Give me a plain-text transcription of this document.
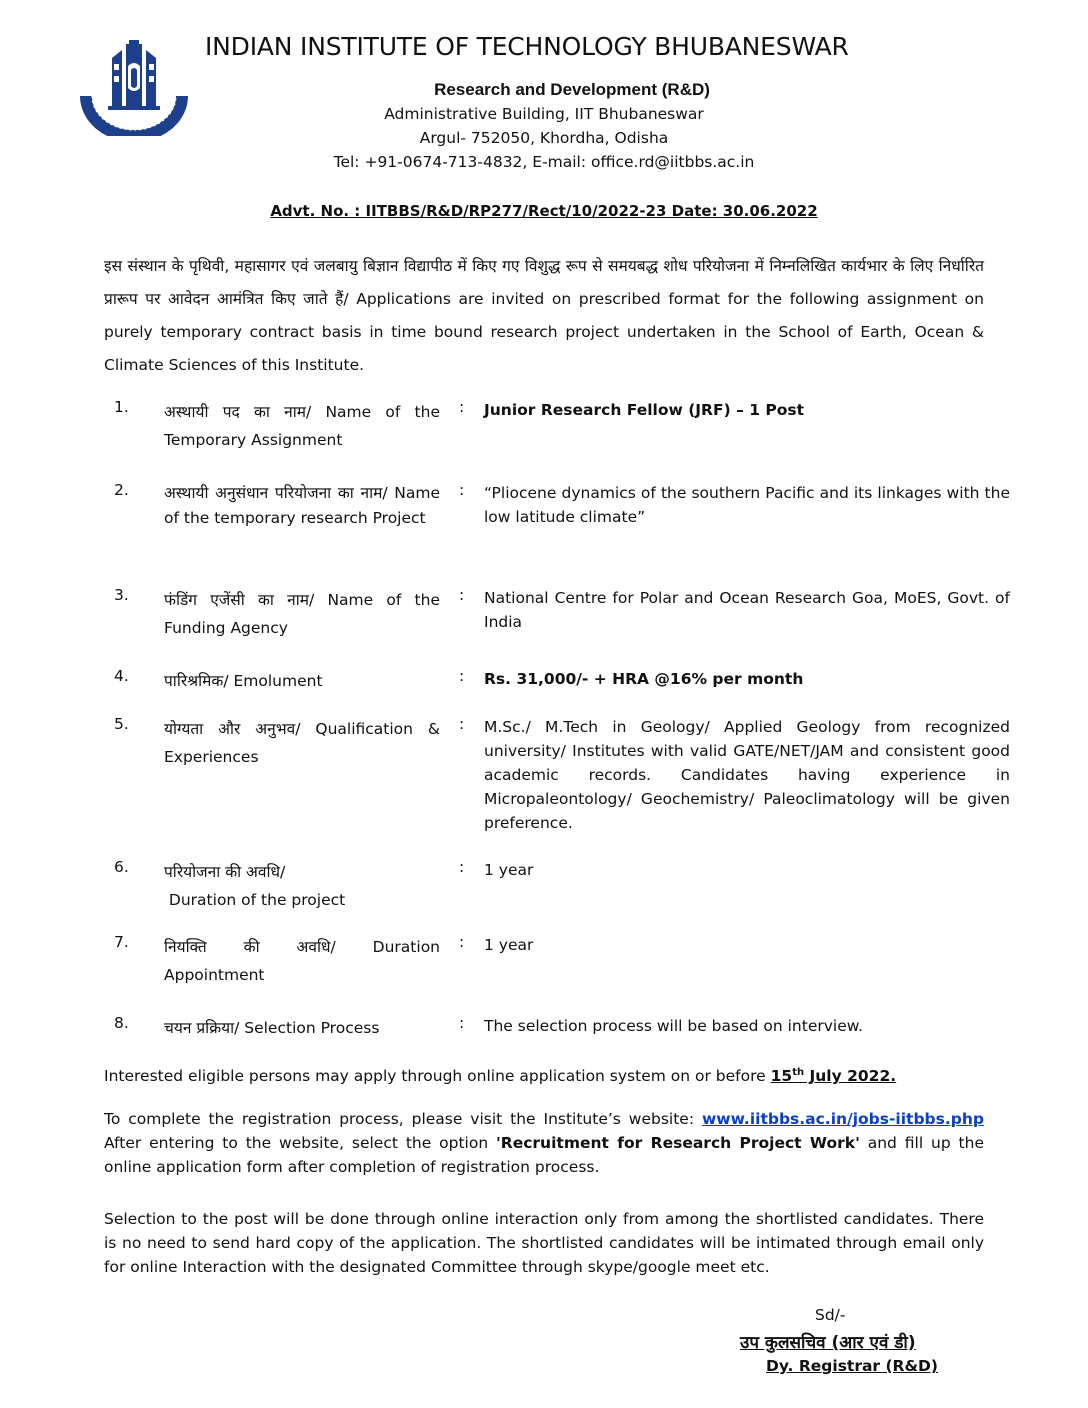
INDIAN INSTITUTE OF TECHNOLOGY BHUBANESWAR
Research and Development (R&D)
Administrative Building, IIT Bhubaneswar
Argul- 752050, Khordha, Odisha
Tel: +91-0674-713-4832, E-mail: office.rd@iitbbs.ac.in
Advt. No. : IITBBS/R&D/RP277/Rect/10/2022-23 Date: 30.06.2022
इस संस्थान के पृथिवी, महासागर एवं जलबायु बिज्ञान विद्यापीठ में किए गए विशुद्ध रूप से समयबद्ध शोध परियोजना में निम्नलिखित कार्यभार के लिए निर्धारित प्रारूप पर आवेदन आमंत्रित किए जाते हैं/ Applications are invited on prescribed format for the following assignment on purely temporary contract basis in time bound research project undertaken in the School of Earth, Ocean & Climate Sciences of this Institute.
1. अस्थायी पद का नाम/ Name of the Temporary Assignment
: Junior Research Fellow (JRF) – 1 Post
2. अस्थायी अनुसंधान परियोजना का नाम/ Name of the temporary research Project
: “Pliocene dynamics of the southern Pacific and its linkages with the low latitude climate”
3. फंडिंग एजेंसी का नाम/ Name of the Funding Agency
: National Centre for Polar and Ocean Research Goa, MoES, Govt. of India
4. पारिश्रमिक/ Emolument	: Rs. 31,000/- + HRA @16% per month
5. योग्यता और अनुभव/ Qualification & Experiences
: M.Sc./ M.Tech in Geology/ Applied Geology from recognized university/ Institutes with valid GATE/NET/JAM and consistent good academic records. Candidates having experience in Micropaleontology/ Geochemistry/ Paleoclimatology will be given preference.
6. परियोजना की अवधि/
Duration of the project
: 1 year
7. नियक्ति की अवधि/ Duration Appointment
: 1 year
8. चयन प्रक्रिया/ Selection Process	: The selection process will be based on interview.
Interested eligible persons may apply through online application system on or before 15th July 2022.
To complete the registration process, please visit the Institute’s website: www.iitbbs.ac.in/jobs-iitbbs.php After entering to the website, select the option 'Recruitment for Research Project Work' and fill up the online application form after completion of registration process.
Selection to the post will be done through online interaction only from among the shortlisted candidates. There is no need to send hard copy of the application. The shortlisted candidates will be intimated through email only for online Interaction with the designated Committee through skype/google meet etc.
Sd/-
उप कुलसचिव (आर एवं डी)
Dy. Registrar (R&D)
